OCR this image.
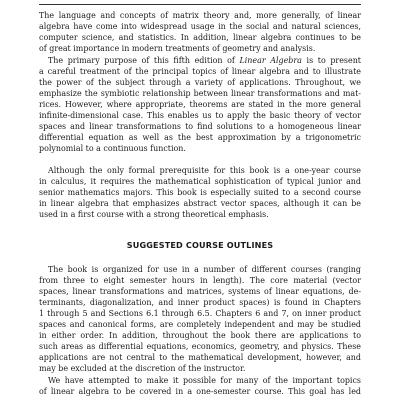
The language and concepts of matrix theory and, more generally, of linear
algebra have come into widespread usage in the social and natural sciences,
computer science, and statistics. In addition, linear algebra continues to be
of great importance in modern treatments of geometry and analysis.
The primary purpose of this fifth edition of Linear Algebra is to present
a careful treatment of the principal topics of linear algebra and to illustrate
the power of the subject through a variety of applications. Throughout, we
emphasize the symbiotic relationship between linear transformations and mat-
rices. However, where appropriate, theorems are stated in the more general
infinite-dimensional case. This enables us to apply the basic theory of vector
spaces and linear transformations to find solutions to a homogeneous linear
differential equation as well as the best approximation by a trigonometric
polynomial to a continuous function.
Although the only formal prerequisite for this book is a one-year course
in calculus, it requires the mathematical sophistication of typical junior and
senior mathematics majors. This book is especially suited to a second course
in linear algebra that emphasizes abstract vector spaces, although it can be
used in a first course with a strong theoretical emphasis.
SUGGESTED COURSE OUTLINES
The book is organized for use in a number of different courses (ranging
from three to eight semester hours in length). The core material (vector
spaces, linear transformations and matrices, systems of linear equations, de-
terminants, diagonalization, and inner product spaces) is found in Chapters
1 through 5 and Sections 6.1 through 6.5. Chapters 6 and 7, on inner product
spaces and canonical forms, are completely independent and may be studied
in either order. In addition, throughout the book there are applications to
such areas as differential equations, economics, geometry, and physics. These
applications are not central to the mathematical development, however, and
may be excluded at the discretion of the instructor.
We have attempted to make it possible for many of the important topics
of linear algebra to be covered in a one-semester course. This goal has led
